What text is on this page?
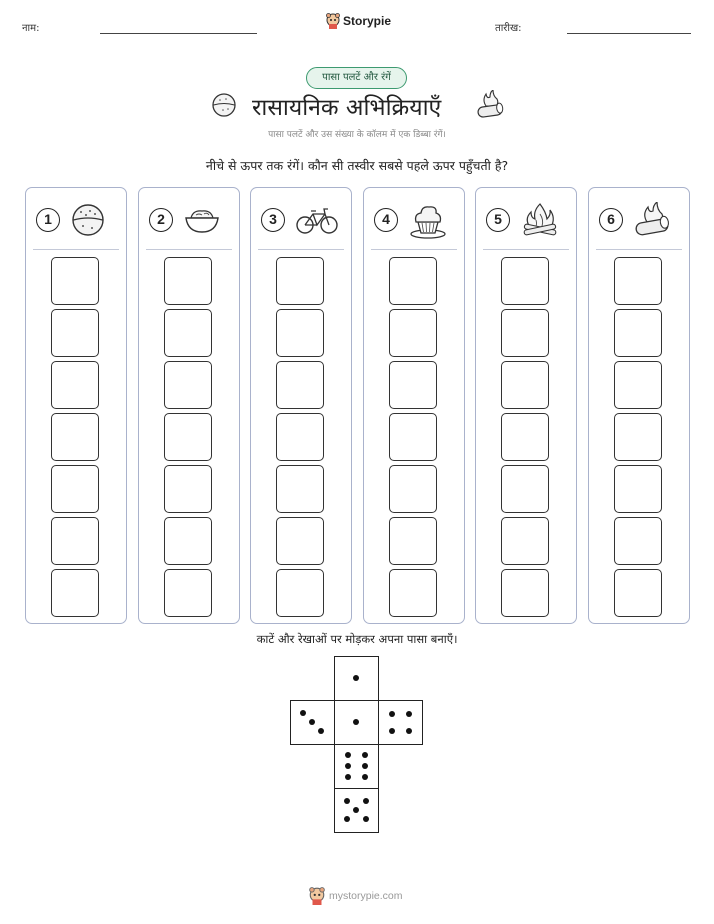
नाम:
Storypie
तारीख:
पासा पलटें और रंगें
रासायनिक अभिक्रियाएँ
पासा पलटें और उस संख्या के कॉलम में एक डिब्बा रंगें।
नीचे से ऊपर तक रंगें। कौन सी तस्वीर सबसे पहले ऊपर पहुँचती है?
1	2	3	4	5	6
काटें और रेखाओं पर मोड़कर अपना पासा बनाएँ।
mystorypie.com
